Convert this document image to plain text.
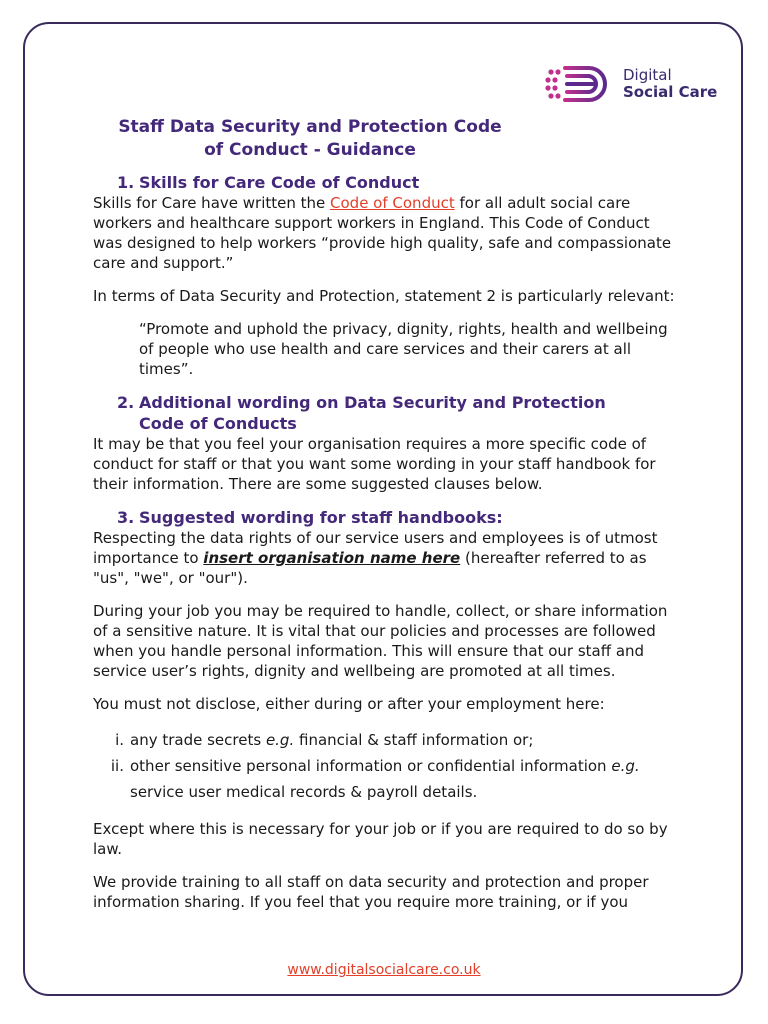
Digital
Social Care
Staff Data Security and Protection Code
of Conduct - Guidance
1. Skills for Care Code of Conduct

Skills for Care have written the Code of Conduct for all adult social care workers and healthcare support workers in England. This Code of Conduct was designed to help workers “provide high quality, safe and compassionate care and support.”

In terms of Data Security and Protection, statement 2 is particularly relevant:

“Promote and uphold the privacy, dignity, rights, health and wellbeing of people who use health and care services and their carers at all times”.

2. Additional wording on Data Security and Protection
Code of Conducts

It may be that you feel your organisation requires a more specific code of conduct for staff or that you want some wording in your staff handbook for their information. There are some suggested clauses below.

3. Suggested wording for staff handbooks:

Respecting the data rights of our service users and employees is of utmost importance to insert organisation name here (hereafter referred to as "us", "we", or "our").

During your job you may be required to handle, collect, or share information of a sensitive nature. It is vital that our policies and processes are followed when you handle personal information. This will ensure that our staff and service user’s rights, dignity and wellbeing are promoted at all times.

You must not disclose, either during or after your employment here:

i. any trade secrets e.g. financial & staff information or;
ii. other sensitive personal information or confidential information e.g. service user medical records & payroll details.

Except where this is necessary for your job or if you are required to do so by law.

We provide training to all staff on data security and protection and proper information sharing. If you feel that you require more training, or if you

www.digitalsocialcare.co.uk
